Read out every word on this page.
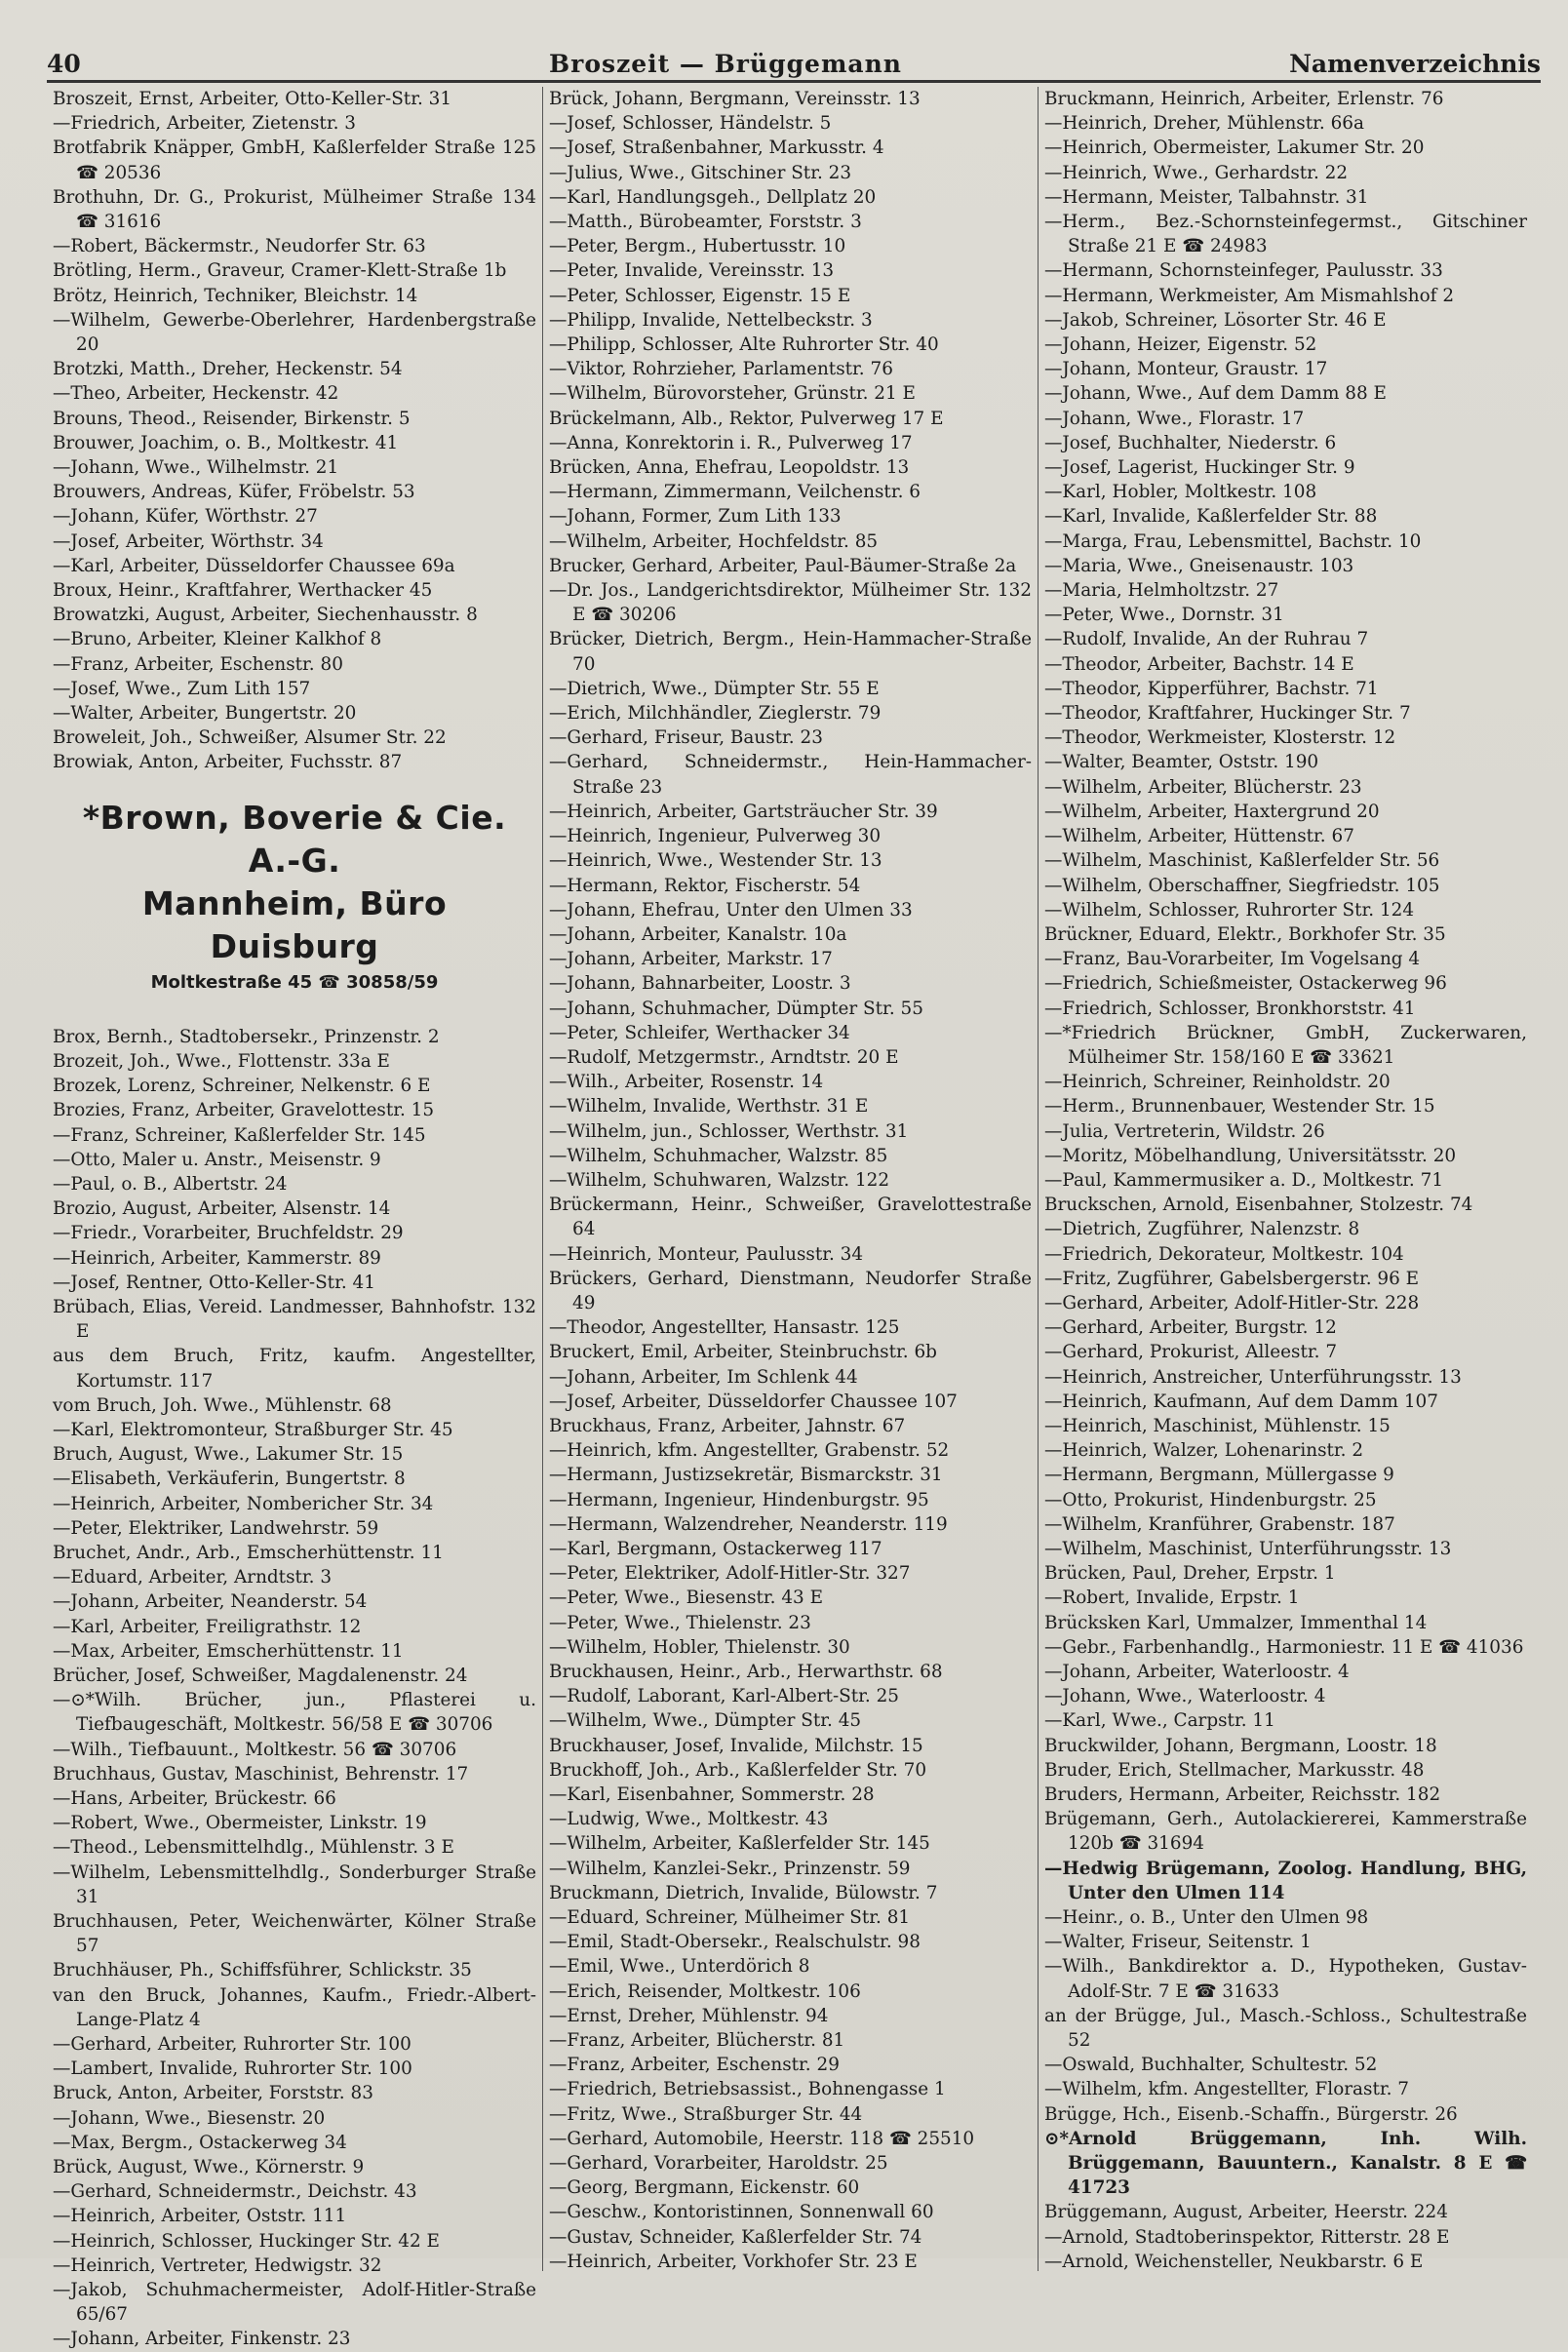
40	Broszeit — Brüggemann	Namenverzeichnis
Broszeit, Ernst, Arbeiter, Otto-Keller-Str. 31
—Friedrich, Arbeiter, Zietenstr. 3
Brotfabrik Knäpper, GmbH, Kaßlerfelder Straße 125 ☎ 20536
Brothuhn, Dr. G., Prokurist, Mülheimer Straße 134 ☎ 31616
—Robert, Bäckermstr., Neudorfer Str. 63
Brötling, Herm., Graveur, Cramer-Klett-Straße 1b
Brötz, Heinrich, Techniker, Bleichstr. 14
—Wilhelm, Gewerbe-Oberlehrer, Hardenbergstraße 20
Brotzki, Matth., Dreher, Heckenstr. 54
—Theo, Arbeiter, Heckenstr. 42
Brouns, Theod., Reisender, Birkenstr. 5
Brouwer, Joachim, o. B., Moltkestr. 41
—Johann, Wwe., Wilhelmstr. 21
Brouwers, Andreas, Küfer, Fröbelstr. 53
—Johann, Küfer, Wörthstr. 27
—Josef, Arbeiter, Wörthstr. 34
—Karl, Arbeiter, Düsseldorfer Chaussee 69a
Broux, Heinr., Kraftfahrer, Werthacker 45
Browatzki, August, Arbeiter, Siechenhausstr. 8
—Bruno, Arbeiter, Kleiner Kalkhof 8
—Franz, Arbeiter, Eschenstr. 80
—Josef, Wwe., Zum Lith 157
—Walter, Arbeiter, Bungertstr. 20
Broweleit, Joh., Schweißer, Alsumer Str. 22
Browiak, Anton, Arbeiter, Fuchsstr. 87
*Brown, Boverie & Cie. A.-G.
Mannheim, Büro Duisburg
Moltkestraße 45 ☎ 30858/59
Brox, Bernh., Stadtobersekr., Prinzenstr. 2
Brozeit, Joh., Wwe., Flottenstr. 33a E
Brozek, Lorenz, Schreiner, Nelkenstr. 6 E
Brozies, Franz, Arbeiter, Gravelottestr. 15
—Franz, Schreiner, Kaßlerfelder Str. 145
—Otto, Maler u. Anstr., Meisenstr. 9
—Paul, o. B., Albertstr. 24
Brozio, August, Arbeiter, Alsenstr. 14
—Friedr., Vorarbeiter, Bruchfeldstr. 29
—Heinrich, Arbeiter, Kammerstr. 89
—Josef, Rentner, Otto-Keller-Str. 41
Brübach, Elias, Vereid. Landmesser, Bahnhofstr. 132 E
aus dem Bruch, Fritz, kaufm. Angestellter, Kortumstr. 117
vom Bruch, Joh. Wwe., Mühlenstr. 68
—Karl, Elektromonteur, Straßburger Str. 45
Bruch, August, Wwe., Lakumer Str. 15
—Elisabeth, Verkäuferin, Bungertstr. 8
—Heinrich, Arbeiter, Nombericher Str. 34
—Peter, Elektriker, Landwehrstr. 59
Bruchet, Andr., Arb., Emscherhüttenstr. 11
—Eduard, Arbeiter, Arndtstr. 3
—Johann, Arbeiter, Neanderstr. 54
—Karl, Arbeiter, Freiligrathstr. 12
—Max, Arbeiter, Emscherhüttenstr. 11
Brücher, Josef, Schweißer, Magdalenenstr. 24
—⊙*Wilh. Brücher, jun., Pflasterei u. Tiefbaugeschäft, Moltkestr. 56/58 E ☎ 30706
—Wilh., Tiefbauunt., Moltkestr. 56 ☎ 30706
Bruchhaus, Gustav, Maschinist, Behrenstr. 17
—Hans, Arbeiter, Brückestr. 66
—Robert, Wwe., Obermeister, Linkstr. 19
—Theod., Lebensmittelhdlg., Mühlenstr. 3 E
—Wilhelm, Lebensmittelhdlg., Sonderburger Straße 31
Bruchhausen, Peter, Weichenwärter, Kölner Straße 57
Bruchhäuser, Ph., Schiffsführer, Schlickstr. 35
van den Bruck, Johannes, Kaufm., Friedr.-Albert-Lange-Platz 4
—Gerhard, Arbeiter, Ruhrorter Str. 100
—Lambert, Invalide, Ruhrorter Str. 100
Bruck, Anton, Arbeiter, Forststr. 83
—Johann, Wwe., Biesenstr. 20
—Max, Bergm., Ostackerweg 34
Brück, August, Wwe., Körnerstr. 9
—Gerhard, Schneidermstr., Deichstr. 43
—Heinrich, Arbeiter, Oststr. 111
—Heinrich, Schlosser, Huckinger Str. 42 E
—Heinrich, Vertreter, Hedwigstr. 32
—Jakob, Schuhmachermeister, Adolf-Hitler-Straße 65/67
—Johann, Arbeiter, Finkenstr. 23
Brück, Johann, Bergmann, Vereinsstr. 13
—Josef, Schlosser, Händelstr. 5
—Josef, Straßenbahner, Markusstr. 4
—Julius, Wwe., Gitschiner Str. 23
—Karl, Handlungsgeh., Dellplatz 20
—Matth., Bürobeamter, Forststr. 3
—Peter, Bergm., Hubertusstr. 10
—Peter, Invalide, Vereinsstr. 13
—Peter, Schlosser, Eigenstr. 15 E
—Philipp, Invalide, Nettelbeckstr. 3
—Philipp, Schlosser, Alte Ruhrorter Str. 40
—Viktor, Rohrzieher, Parlamentstr. 76
—Wilhelm, Bürovorsteher, Grünstr. 21 E
Brückelmann, Alb., Rektor, Pulverweg 17 E
—Anna, Konrektorin i. R., Pulverweg 17
Brücken, Anna, Ehefrau, Leopoldstr. 13
—Hermann, Zimmermann, Veilchenstr. 6
—Johann, Former, Zum Lith 133
—Wilhelm, Arbeiter, Hochfeldstr. 85
Brucker, Gerhard, Arbeiter, Paul-Bäumer-Straße 2a
—Dr. Jos., Landgerichtsdirektor, Mülheimer Str. 132 E ☎ 30206
Brücker, Dietrich, Bergm., Hein-Hammacher-Straße 70
—Dietrich, Wwe., Dümpter Str. 55 E
—Erich, Milchhändler, Zieglerstr. 79
—Gerhard, Friseur, Baustr. 23
—Gerhard, Schneidermstr., Hein-Hammacher-Straße 23
—Heinrich, Arbeiter, Gartsträucher Str. 39
—Heinrich, Ingenieur, Pulverweg 30
—Heinrich, Wwe., Westender Str. 13
—Hermann, Rektor, Fischerstr. 54
—Johann, Ehefrau, Unter den Ulmen 33
—Johann, Arbeiter, Kanalstr. 10a
—Johann, Arbeiter, Markstr. 17
—Johann, Bahnarbeiter, Loostr. 3
—Johann, Schuhmacher, Dümpter Str. 55
—Peter, Schleifer, Werthacker 34
—Rudolf, Metzgermstr., Arndtstr. 20 E
—Wilh., Arbeiter, Rosenstr. 14
—Wilhelm, Invalide, Werthstr. 31 E
—Wilhelm, jun., Schlosser, Werthstr. 31
—Wilhelm, Schuhmacher, Walzstr. 85
—Wilhelm, Schuhwaren, Walzstr. 122
Brückermann, Heinr., Schweißer, Gravelottestraße 64
—Heinrich, Monteur, Paulusstr. 34
Brückers, Gerhard, Dienstmann, Neudorfer Straße 49
—Theodor, Angestellter, Hansastr. 125
Bruckert, Emil, Arbeiter, Steinbruchstr. 6b
—Johann, Arbeiter, Im Schlenk 44
—Josef, Arbeiter, Düsseldorfer Chaussee 107
Bruckhaus, Franz, Arbeiter, Jahnstr. 67
—Heinrich, kfm. Angestellter, Grabenstr. 52
—Hermann, Justizsekretär, Bismarckstr. 31
—Hermann, Ingenieur, Hindenburgstr. 95
—Hermann, Walzendreher, Neanderstr. 119
—Karl, Bergmann, Ostackerweg 117
—Peter, Elektriker, Adolf-Hitler-Str. 327
—Peter, Wwe., Biesenstr. 43 E
—Peter, Wwe., Thielenstr. 23
—Wilhelm, Hobler, Thielenstr. 30
Bruckhausen, Heinr., Arb., Herwarthstr. 68
—Rudolf, Laborant, Karl-Albert-Str. 25
—Wilhelm, Wwe., Dümpter Str. 45
Bruckhauser, Josef, Invalide, Milchstr. 15
Bruckhoff, Joh., Arb., Kaßlerfelder Str. 70
—Karl, Eisenbahner, Sommerstr. 28
—Ludwig, Wwe., Moltkestr. 43
—Wilhelm, Arbeiter, Kaßlerfelder Str. 145
—Wilhelm, Kanzlei-Sekr., Prinzenstr. 59
Bruckmann, Dietrich, Invalide, Bülowstr. 7
—Eduard, Schreiner, Mülheimer Str. 81
—Emil, Stadt-Obersekr., Realschulstr. 98
—Emil, Wwe., Unterdörich 8
—Erich, Reisender, Moltkestr. 106
—Ernst, Dreher, Mühlenstr. 94
—Franz, Arbeiter, Blücherstr. 81
—Franz, Arbeiter, Eschenstr. 29
—Friedrich, Betriebsassist., Bohnengasse 1
—Fritz, Wwe., Straßburger Str. 44
—Gerhard, Automobile, Heerstr. 118 ☎ 25510
—Gerhard, Vorarbeiter, Haroldstr. 25
—Georg, Bergmann, Eickenstr. 60
—Geschw., Kontoristinnen, Sonnenwall 60
—Gustav, Schneider, Kaßlerfelder Str. 74
—Heinrich, Arbeiter, Vorkhofer Str. 23 E
Bruckmann, Heinrich, Arbeiter, Erlenstr. 76
—Heinrich, Dreher, Mühlenstr. 66a
—Heinrich, Obermeister, Lakumer Str. 20
—Heinrich, Wwe., Gerhardstr. 22
—Hermann, Meister, Talbahnstr. 31
—Herm., Bez.-Schornsteinfegermst., Gitschiner Straße 21 E ☎ 24983
—Hermann, Schornsteinfeger, Paulusstr. 33
—Hermann, Werkmeister, Am Mismahlshof 2
—Jakob, Schreiner, Lösorter Str. 46 E
—Johann, Heizer, Eigenstr. 52
—Johann, Monteur, Graustr. 17
—Johann, Wwe., Auf dem Damm 88 E
—Johann, Wwe., Florastr. 17
—Josef, Buchhalter, Niederstr. 6
—Josef, Lagerist, Huckinger Str. 9
—Karl, Hobler, Moltkestr. 108
—Karl, Invalide, Kaßlerfelder Str. 88
—Marga, Frau, Lebensmittel, Bachstr. 10
—Maria, Wwe., Gneisenaustr. 103
—Maria, Helmholtzstr. 27
—Peter, Wwe., Dornstr. 31
—Rudolf, Invalide, An der Ruhrau 7
—Theodor, Arbeiter, Bachstr. 14 E
—Theodor, Kipperführer, Bachstr. 71
—Theodor, Kraftfahrer, Huckinger Str. 7
—Theodor, Werkmeister, Klosterstr. 12
—Walter, Beamter, Oststr. 190
—Wilhelm, Arbeiter, Blücherstr. 23
—Wilhelm, Arbeiter, Haxtergrund 20
—Wilhelm, Arbeiter, Hüttenstr. 67
—Wilhelm, Maschinist, Kaßlerfelder Str. 56
—Wilhelm, Oberschaffner, Siegfriedstr. 105
—Wilhelm, Schlosser, Ruhrorter Str. 124
Brückner, Eduard, Elektr., Borkhofer Str. 35
—Franz, Bau-Vorarbeiter, Im Vogelsang 4
—Friedrich, Schießmeister, Ostackerweg 96
—Friedrich, Schlosser, Bronkhorststr. 41
—*Friedrich Brückner, GmbH, Zuckerwaren, Mülheimer Str. 158/160 E ☎ 33621
—Heinrich, Schreiner, Reinholdstr. 20
—Herm., Brunnenbauer, Westender Str. 15
—Julia, Vertreterin, Wildstr. 26
—Moritz, Möbelhandlung, Universitätsstr. 20
—Paul, Kammermusiker a. D., Moltkestr. 71
Bruckschen, Arnold, Eisenbahner, Stolzestr. 74
—Dietrich, Zugführer, Nalenzstr. 8
—Friedrich, Dekorateur, Moltkestr. 104
—Fritz, Zugführer, Gabelsbergerstr. 96 E
—Gerhard, Arbeiter, Adolf-Hitler-Str. 228
—Gerhard, Arbeiter, Burgstr. 12
—Gerhard, Prokurist, Alleestr. 7
—Heinrich, Anstreicher, Unterführungsstr. 13
—Heinrich, Kaufmann, Auf dem Damm 107
—Heinrich, Maschinist, Mühlenstr. 15
—Heinrich, Walzer, Lohenarinstr. 2
—Hermann, Bergmann, Müllergasse 9
—Otto, Prokurist, Hindenburgstr. 25
—Wilhelm, Kranführer, Grabenstr. 187
—Wilhelm, Maschinist, Unterführungsstr. 13
Brücken, Paul, Dreher, Erpstr. 1
—Robert, Invalide, Erpstr. 1
Brücksken Karl, Ummalzer, Immenthal 14
—Gebr., Farbenhandlg., Harmoniestr. 11 E ☎ 41036
—Johann, Arbeiter, Waterloostr. 4
—Johann, Wwe., Waterloostr. 4
—Karl, Wwe., Carpstr. 11
Bruckwilder, Johann, Bergmann, Loostr. 18
Bruder, Erich, Stellmacher, Markusstr. 48
Bruders, Hermann, Arbeiter, Reichsstr. 182
Brügemann, Gerh., Autolackiererei, Kammerstraße 120b ☎ 31694
—Hedwig Brügemann, Zoolog. Handlung, BHG, Unter den Ulmen 114
—Heinr., o. B., Unter den Ulmen 98
—Walter, Friseur, Seitenstr. 1
—Wilh., Bankdirektor a. D., Hypotheken, Gustav-Adolf-Str. 7 E ☎ 31633
an der Brügge, Jul., Masch.-Schloss., Schultestraße 52
—Oswald, Buchhalter, Schultestr. 52
—Wilhelm, kfm. Angestellter, Florastr. 7
Brügge, Hch., Eisenb.-Schaffn., Bürgerstr. 26
⊙*Arnold Brüggemann, Inh. Wilh. Brüggemann, Bauuntern., Kanalstr. 8 E ☎ 41723
Brüggemann, August, Arbeiter, Heerstr. 224
—Arnold, Stadtoberinspektor, Ritterstr. 28 E
—Arnold, Weichensteller, Neukbarstr. 6 E
